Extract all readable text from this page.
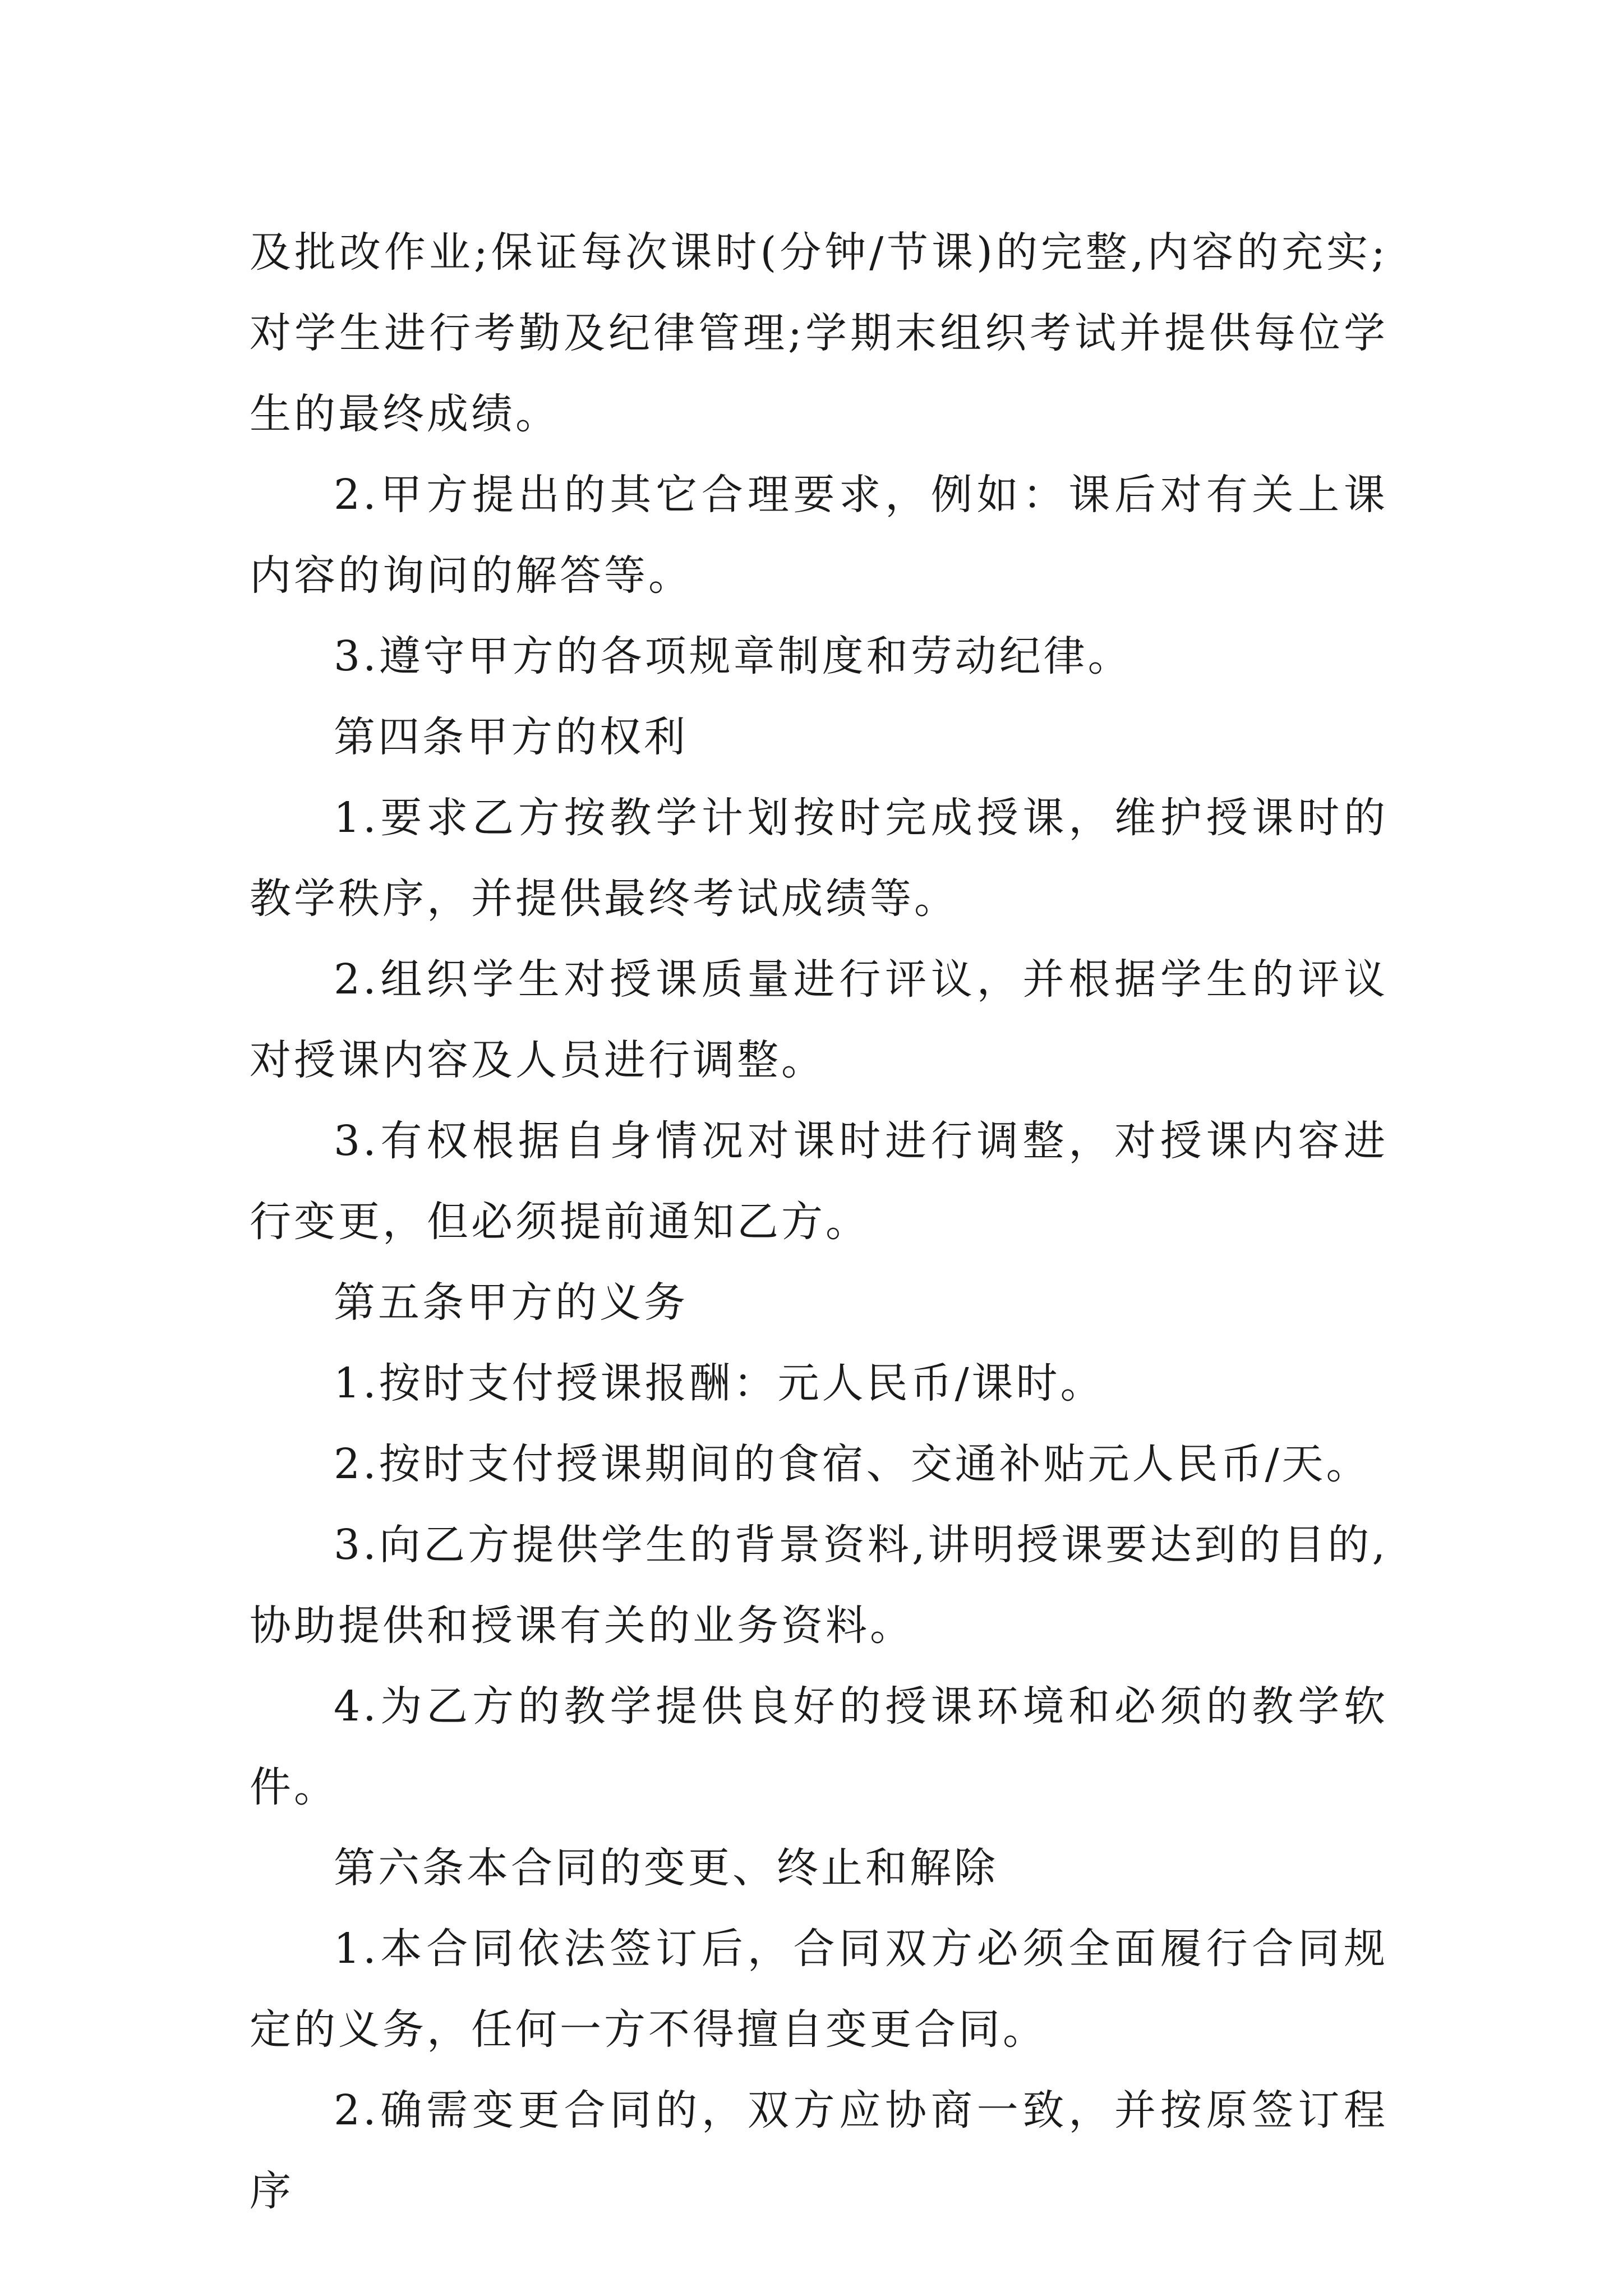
及批改作业;保证每次课时(分钟/节课)的完整,内容的充实;对学生进行考勤及纪律管理;学期末组织考试并提供每位学生的最终成绩。

2.甲方提出的其它合理要求，例如：课后对有关上课内容的询问的解答等。

3.遵守甲方的各项规章制度和劳动纪律。

第四条甲方的权利

1.要求乙方按教学计划按时完成授课，维护授课时的教学秩序，并提供最终考试成绩等。

2.组织学生对授课质量进行评议，并根据学生的评议对授课内容及人员进行调整。

3.有权根据自身情况对课时进行调整，对授课内容进行变更，但必须提前通知乙方。

第五条甲方的义务

1.按时支付授课报酬：元人民币/课时。

2.按时支付授课期间的食宿、交通补贴元人民币/天。

3.向乙方提供学生的背景资料,讲明授课要达到的目的,协助提供和授课有关的业务资料。

4.为乙方的教学提供良好的授课环境和必须的教学软件。

第六条本合同的变更、终止和解除

1.本合同依法签订后，合同双方必须全面履行合同规定的义务，任何一方不得擅自变更合同。

2.确需变更合同的，双方应协商一致，并按原签订程序
